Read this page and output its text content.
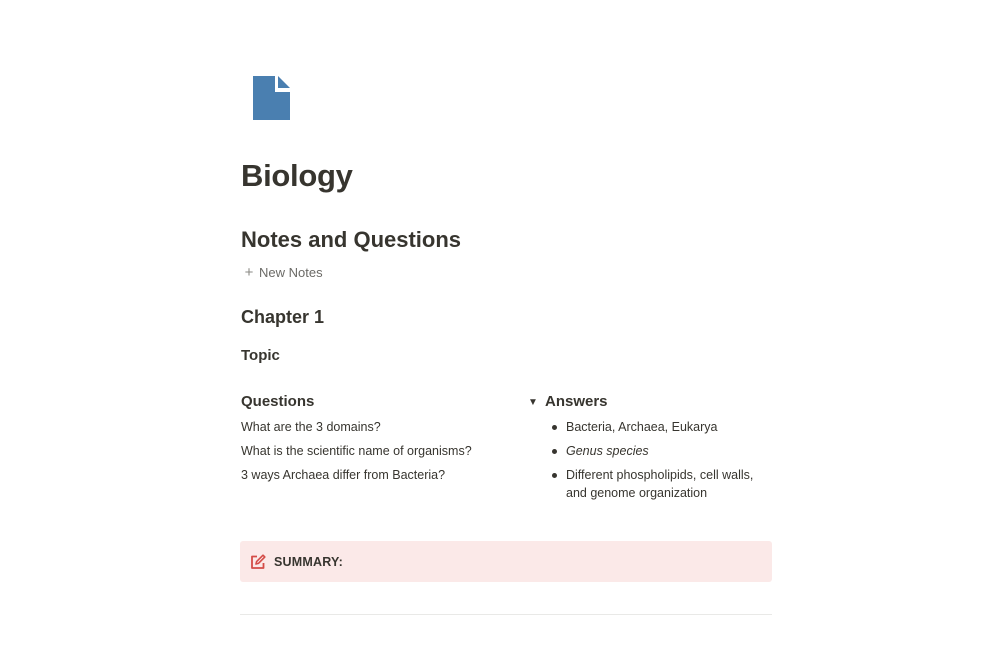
Biology
Notes and Questions
+ New Notes
Chapter 1
Topic
Questions
What are the 3 domains?
What is the scientific name of organisms?
3 ways Archaea differ from Bacteria?
▼ Answers
Bacteria, Archaea, Eukarya
Genus species
Different phospholipids, cell walls, and genome organization
SUMMARY:
